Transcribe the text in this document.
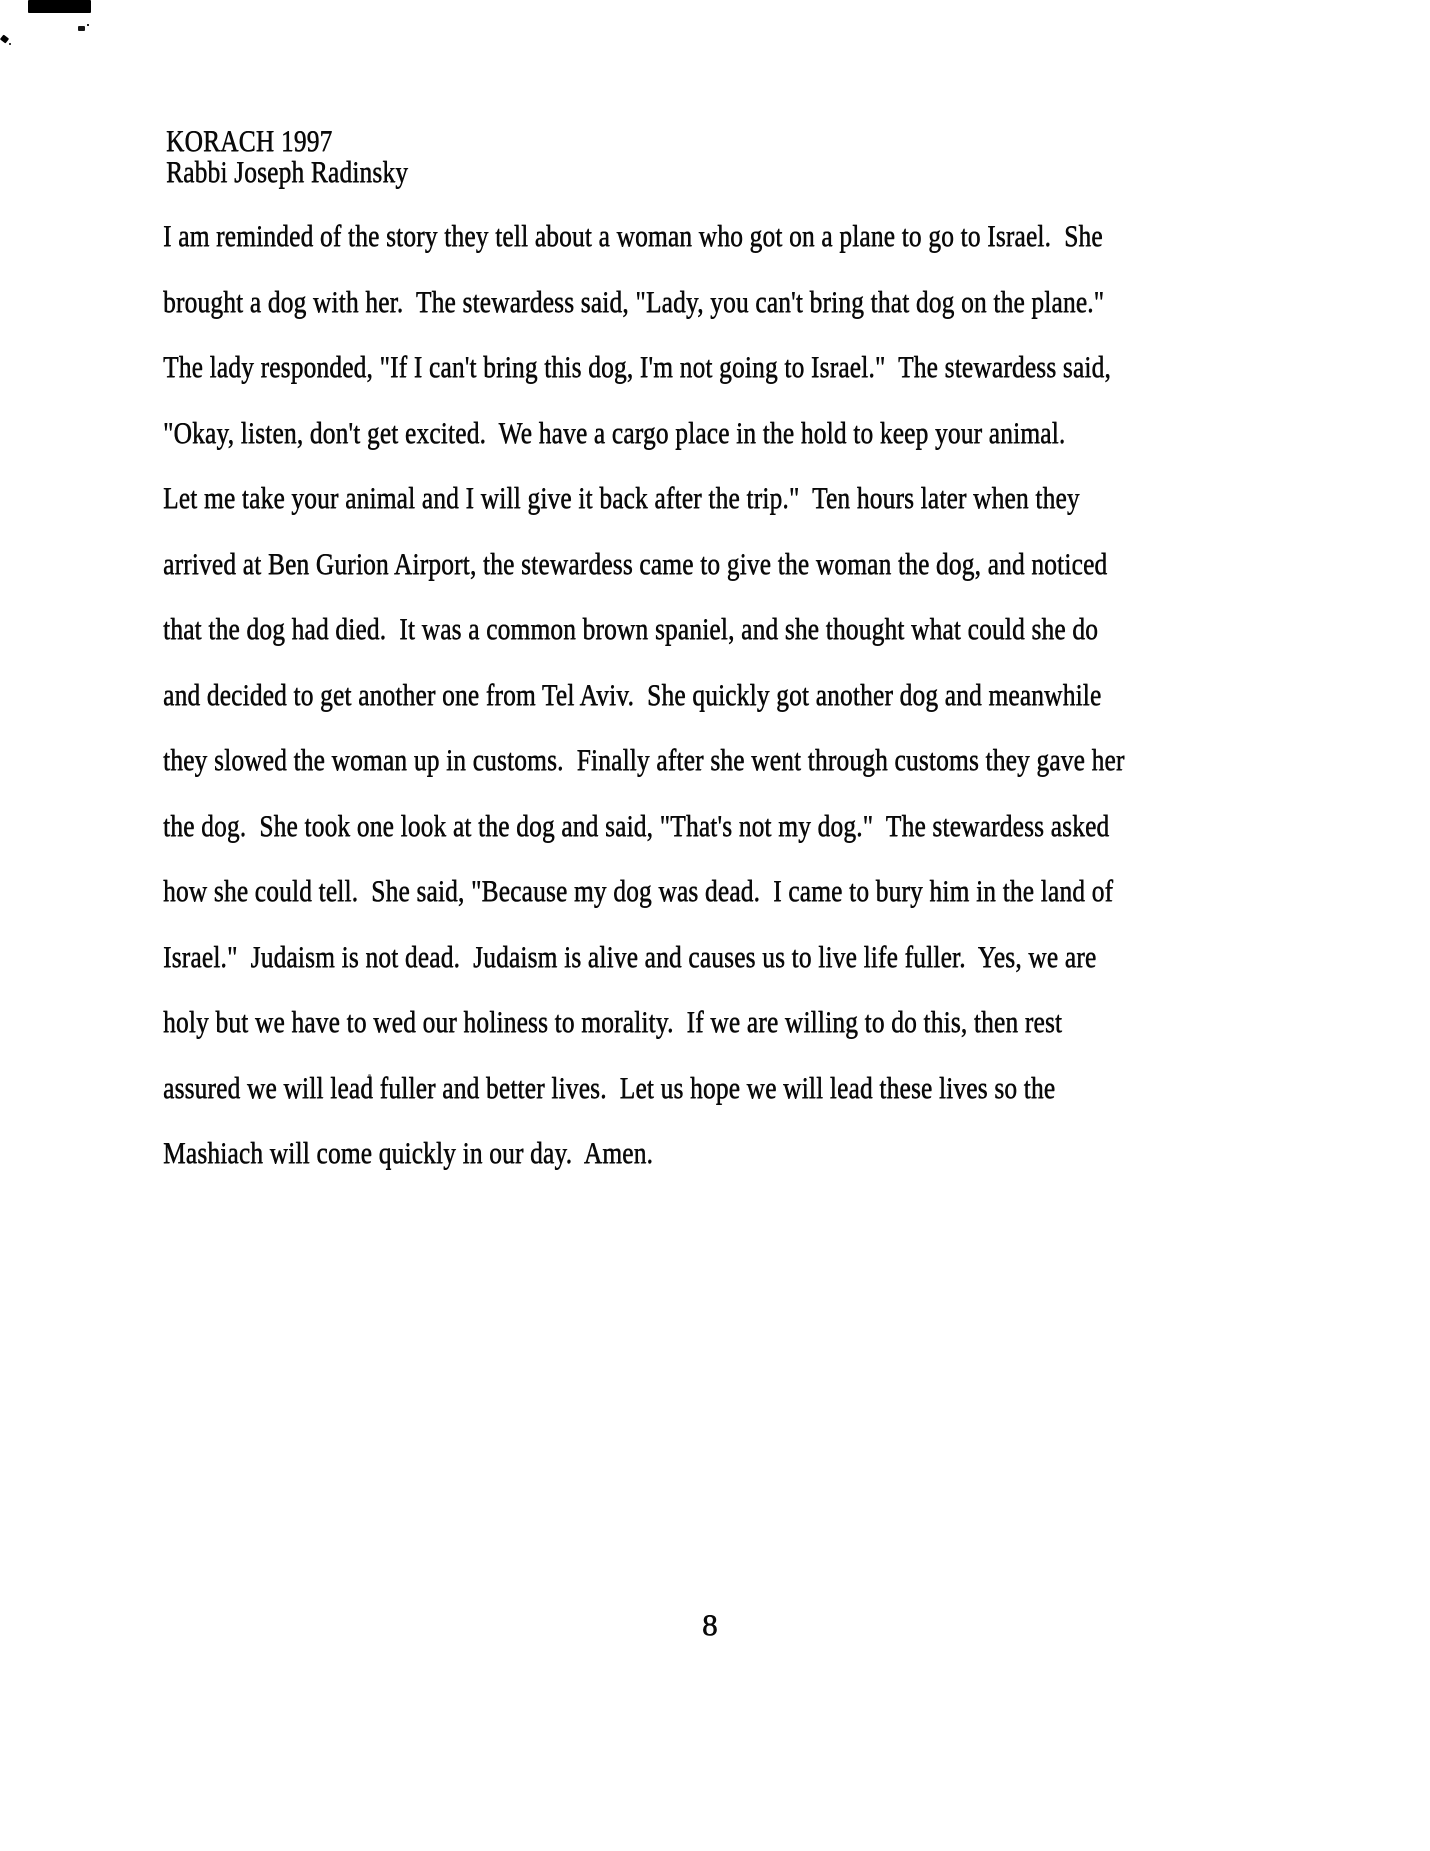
KORACH 1997
Rabbi Joseph Radinsky
I am reminded of the story they tell about a woman who got on a plane to go to Israel.  She
brought a dog with her.  The stewardess said, "Lady, you can't bring that dog on the plane."
The lady responded, "If I can't bring this dog, I'm not going to Israel."  The stewardess said,
"Okay, listen, don't get excited.  We have a cargo place in the hold to keep your animal.
Let me take your animal and I will give it back after the trip."  Ten hours later when they
arrived at Ben Gurion Airport, the stewardess came to give the woman the dog, and noticed
that the dog had died.  It was a common brown spaniel, and she thought what could she do
and decided to get another one from Tel Aviv.  She quickly got another dog and meanwhile
they slowed the woman up in customs.  Finally after she went through customs they gave her
the dog.  She took one look at the dog and said, "That's not my dog."  The stewardess asked
how she could tell.  She said, "Because my dog was dead.  I came to bury him in the land of
Israel."  Judaism is not dead.  Judaism is alive and causes us to live life fuller.  Yes, we are
holy but we have to wed our holiness to morality.  If we are willing to do this, then rest
assured we will lead fuller and better lives.  Let us hope we will lead these lives so the
Mashiach will come quickly in our day.  Amen.
8
